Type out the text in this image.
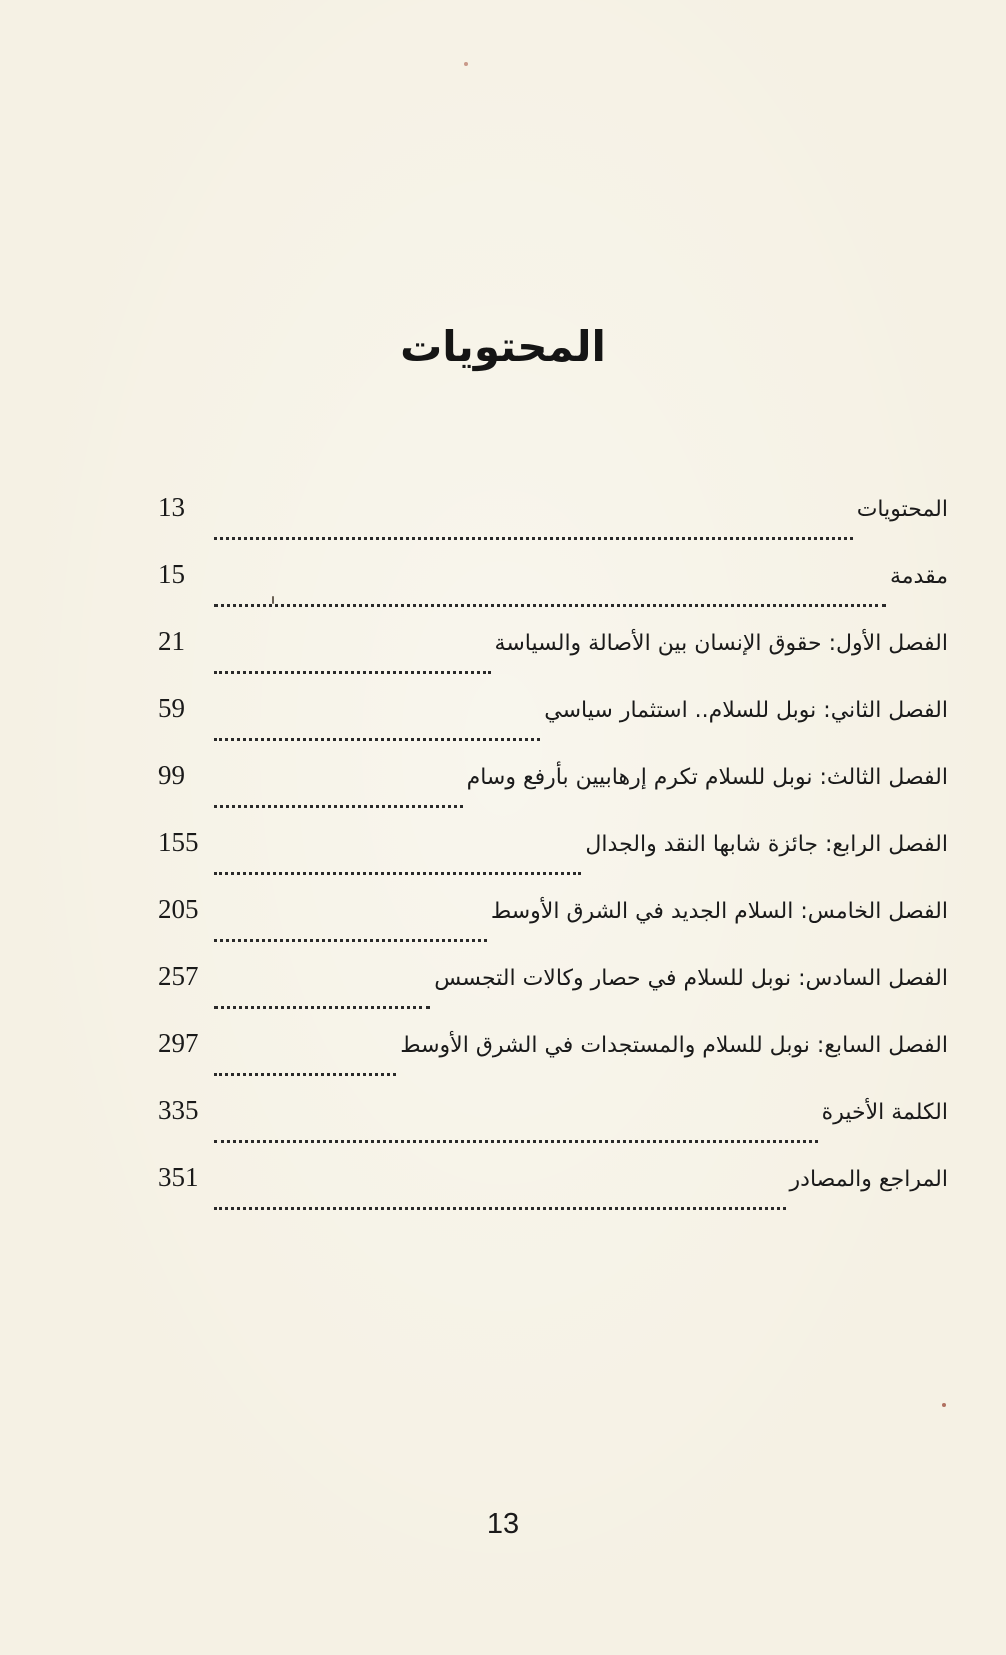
المحتويات
13	المحتويات
15	مقدمة
21	الفصل الأول: حقوق الإنسان بين الأصالة والسياسة
59	الفصل الثاني: نوبل للسلام.. استثمار سياسي
99	الفصل الثالث: نوبل للسلام تكرم إرهابيين بأرفع وسام
155	الفصل الرابع: جائزة شابها النقد والجدال
205	الفصل الخامس: السلام الجديد في الشرق الأوسط
257	الفصل السادس: نوبل للسلام في حصار وكالات التجسس
297	الفصل السابع: نوبل للسلام والمستجدات في الشرق الأوسط
335	الكلمة الأخيرة
351	المراجع والمصادر
13
